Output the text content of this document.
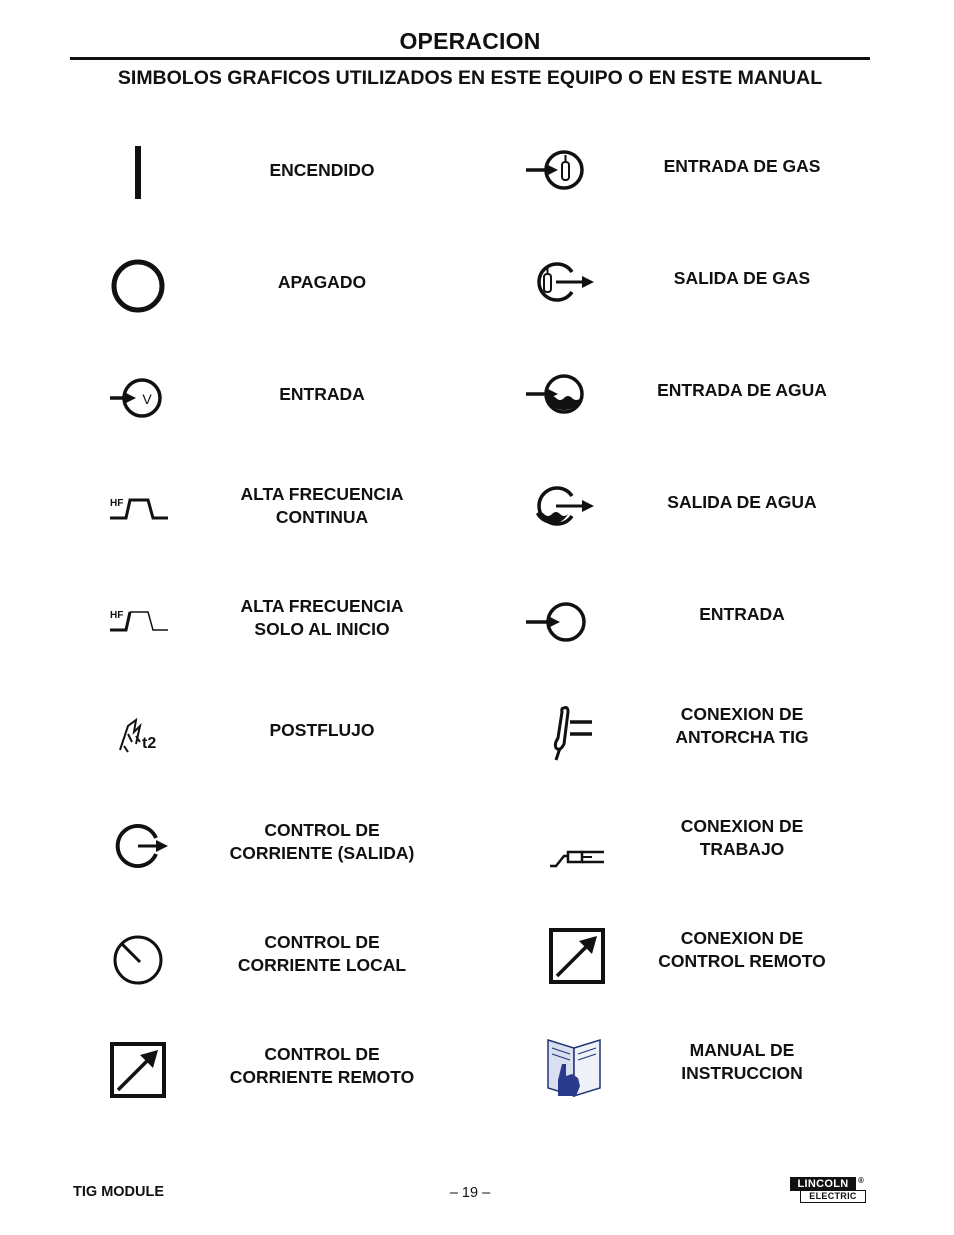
OPERACION
SIMBOLOS GRAFICOS UTILIZADOS EN ESTE EQUIPO O EN ESTE MANUAL
ENCENDIDO
APAGADO
V	ENTRADA
HF	ALTA FRECUENCIA
CONTINUA
HF	ALTA FRECUENCIA
SOLO AL INICIO
t2
POSTFLUJO
CONTROL DE
CORRIENTE (SALIDA)
CONTROL DE
CORRIENTE LOCAL
CONTROL DE
CORRIENTE REMOTO
ENTRADA DE GAS
SALIDA DE GAS
ENTRADA DE AGUA
SALIDA DE AGUA
ENTRADA
CONEXION DE
ANTORCHA TIG
CONEXION DE
TRABAJO
CONEXION DE
CONTROL REMOTO
MANUAL DE
INSTRUCCION
TIG MODULE	– 19 –
LINCOLN
ELECTRIC
®
